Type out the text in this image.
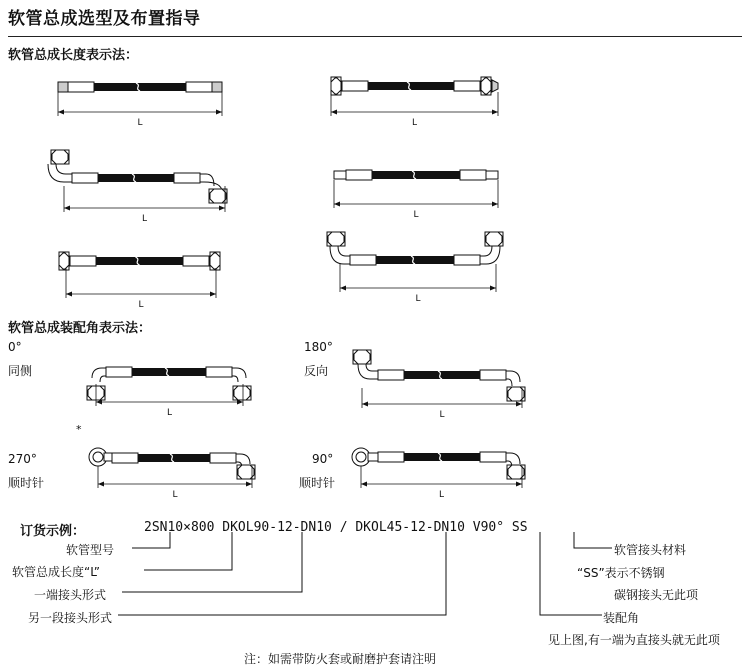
软管总成选型及布置指导
软管总成长度表示法：
软管总成装配角表示法：
0°
同侧
180°
反向
270°
顺时针
90°
顺时针
*
订货示例：	2SN10×800 DKOL90-12-DN10 / DKOL45-12-DN10 V90° SS
软管型号
软管总成长度“L”
一端接头形式
另一段接头形式
软管接头材料
“SS”表示不锈钢
碳钢接头无此项
装配角
见上图,有一端为直接头就无此项
注：如需带防火套或耐磨护套请注明
L	L
L	L
L
L
L	L
L	L
